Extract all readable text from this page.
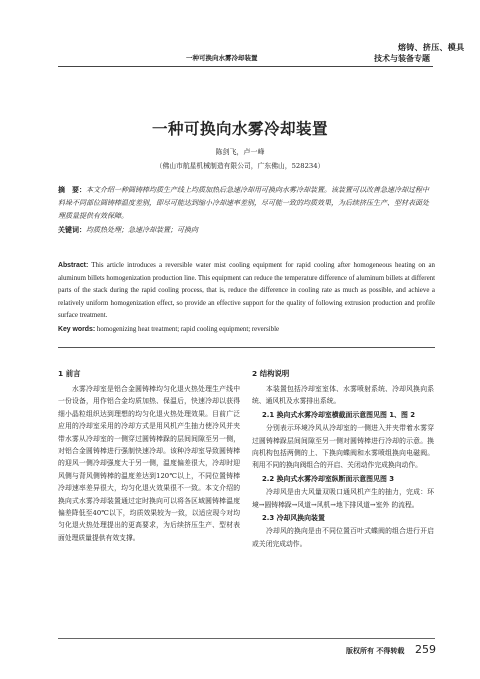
熔铸、挤压、模具
技术与装备专题
一种可换向水雾冷却装置
一种可换向水雾冷却装置
陈剑飞，卢一峰
（佛山市航星机械制造有限公司，广东佛山，528234）
摘　要：本文介绍一种圆铸棒均质生产线上均质加热后急速冷却用可换向水雾冷却装置。该装置可以改善急速冷却过程中料垛不同部位圆铸棒温度差别，即尽可能达到缩小冷却速率差别，尽可能一致的均质效果，为后续挤压生产、型材表面处理质量提供有效保障。
关键词：均质热处理；急速冷却装置；可换向
Abstract: This article introduces a reversible water mist cooling equipment for rapid cooling after homogeneous heating on an aluminum billets homogenization production line. This equipment can reduce the temperature difference of aluminum billets at different parts of the stack during the rapid cooling process, that is, reduce the difference in cooling rate as much as possible, and achieve a relatively uniform homogenization effect, so provide an effective support for the quality of following extrusion production and profile surface treatment.
Key words: homogenizing heat treatment; rapid cooling equipment; reversible
1 前言

水雾冷却室是铝合金圆铸棒均匀化退火热处理生产线中一份设备，用作铝合金均质加热、保温后，快速冷却以获得细小晶粒组织达到理想的均匀化退火热处理效果。目前广泛应用的冷却室采用的冷却方式是用风机产生抽力使冷风并夹带水雾从冷却室的一侧穿过圆铸棒跺的层间间隙至另一侧，对铝合金圆铸棒进行强制快速冷却。该种冷却室导致圆铸棒的迎风一侧冷却强度大于另一侧，温度偏差很大，冷却时迎风侧与背风侧铸棒的温度差达到120℃以上，不同位置铸棒冷却速率差异很大，均匀化退火效果很不一致。本文介绍的换向式水雾冷却装置通过定时换向可以将各区域圆铸棒温度偏差降低至40℃以下，均质效果较为一致，以适应现今对均匀化退火热处理提出的更高要求，为后续挤压生产、型材表面处理质量提供有效支撑。

2 结构说明

本装置包括冷却室室体、水雾喷射系统、冷却风换向系统、通风机及水雾排出系统。

2.1 换向式水雾冷却室横截面示意图见图 1、图 2

分别表示环境冷风从冷却室的一侧进入并夹带着水雾穿过圆铸棒跺层间间隙至另一侧对圆铸棒进行冷却的示意。换向机构包括两侧的上、下换向蝶阀和水雾喷组换向电磁阀。利用不同的换向阀组合的开启、关闭动作完成换向动作。

2.2 换向式水雾冷却室纵断面示意图见图 3

冷却风是由大风量双吸口通风机产生的抽力，完成：环境→圆铸棒跺→风道→风机→地下排风道→室外 的流程。

2.3 冷却风换向装置

冷却风的换向是由不同位置百叶式蝶阀的组合进行开启或关闭完成动作。

版权所有 不得转载 259
